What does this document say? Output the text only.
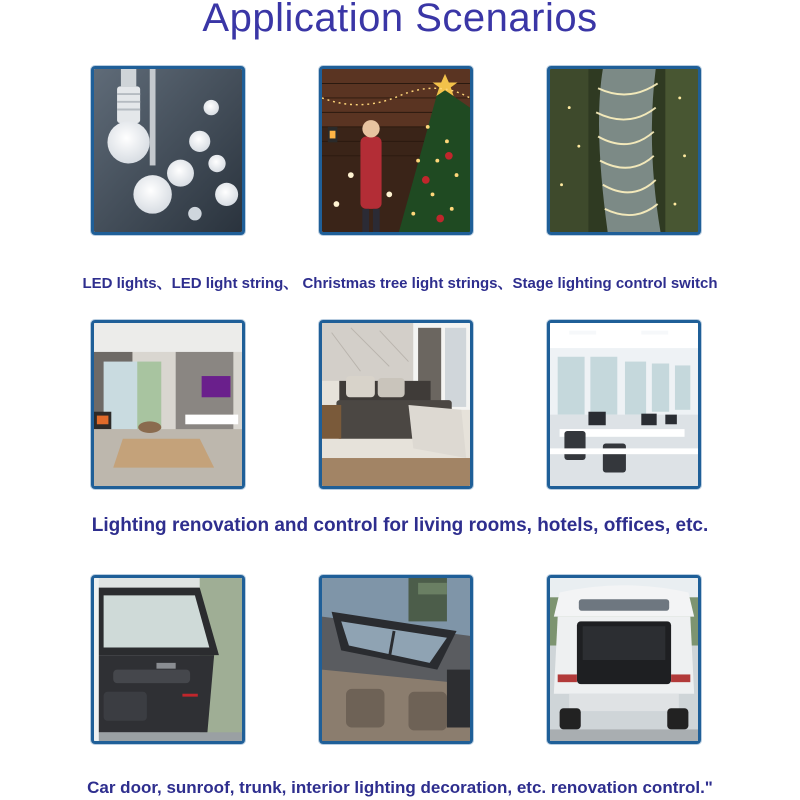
Application Scenarios
LED lights、LED light string、 Christmas tree light strings、Stage lighting control switch
Lighting renovation and control for living rooms, hotels, offices, etc.
Car door, sunroof, trunk, interior lighting decoration, etc. renovation control."
